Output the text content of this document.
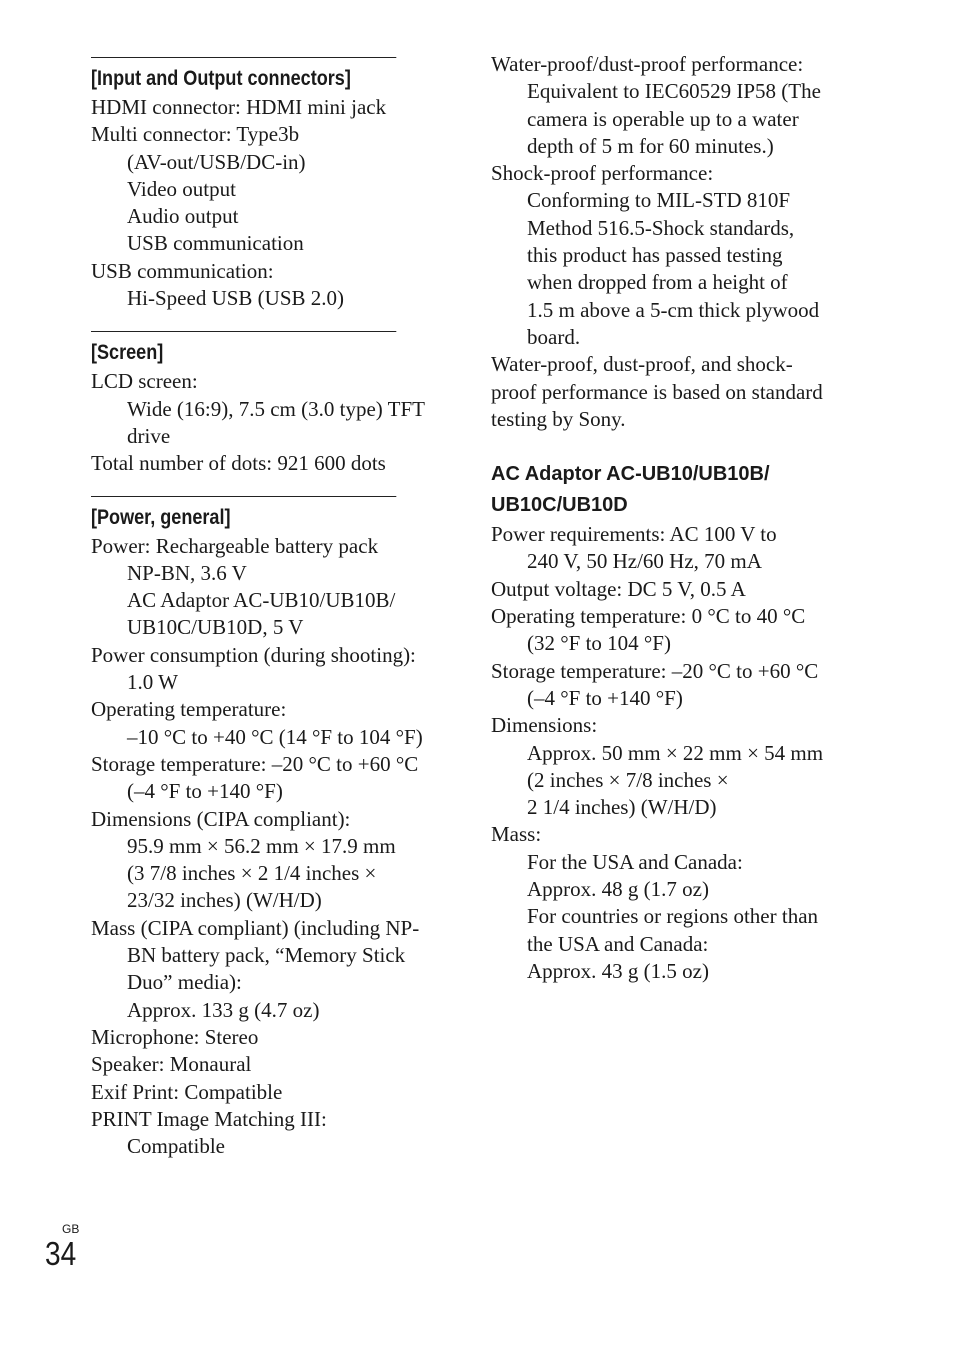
[Input and Output connectors]
HDMI connector: HDMI mini jack
Multi connector: Type3b
(AV-out/USB/DC-in)
Video output
Audio output
USB communication
USB communication:
Hi-Speed USB (USB 2.0)
[Screen]
LCD screen:
Wide (16:9), 7.5 cm (3.0 type) TFT
drive
Total number of dots: 921 600 dots
[Power, general]
Power: Rechargeable battery pack
NP-BN, 3.6 V
AC Adaptor AC-UB10/UB10B/
UB10C/UB10D, 5 V
Power consumption (during shooting):
1.0 W
Operating temperature:
–10 °C to +40 °C (14 °F to 104 °F)
Storage temperature: –20 °C to +60 °C
(–4 °F to +140 °F)
Dimensions (CIPA compliant):
95.9 mm × 56.2 mm × 17.9 mm
(3 7/8 inches × 2 1/4 inches ×
23/32 inches) (W/H/D)
Mass (CIPA compliant) (including NP-
BN battery pack, “Memory Stick
Duo” media):
Approx. 133 g (4.7 oz)
Microphone: Stereo
Speaker: Monaural
Exif Print: Compatible
PRINT Image Matching III:
Compatible
Water-proof/dust-proof performance:
Equivalent to IEC60529 IP58 (The
camera is operable up to a water
depth of 5 m for 60 minutes.)
Shock-proof performance:
Conforming to MIL-STD 810F
Method 516.5-Shock standards,
this product has passed testing
when dropped from a height of
1.5 m above a 5-cm thick plywood
board.
Water-proof, dust-proof, and shock-
proof performance is based on standard
testing by Sony.
AC Adaptor AC-UB10/UB10B/
UB10C/UB10D
Power requirements: AC 100 V to
240 V, 50 Hz/60 Hz, 70 mA
Output voltage: DC 5 V, 0.5 A
Operating temperature: 0 °C to 40 °C
(32 °F to 104 °F)
Storage temperature: –20 °C to +60 °C
(–4 °F to +140 °F)
Dimensions:
Approx. 50 mm × 22 mm × 54 mm
(2 inches × 7/8 inches ×
2 1/4 inches) (W/H/D)
Mass:
For the USA and Canada:
Approx. 48 g (1.7 oz)
For countries or regions other than
the USA and Canada:
Approx. 43 g (1.5 oz)
GB
34
